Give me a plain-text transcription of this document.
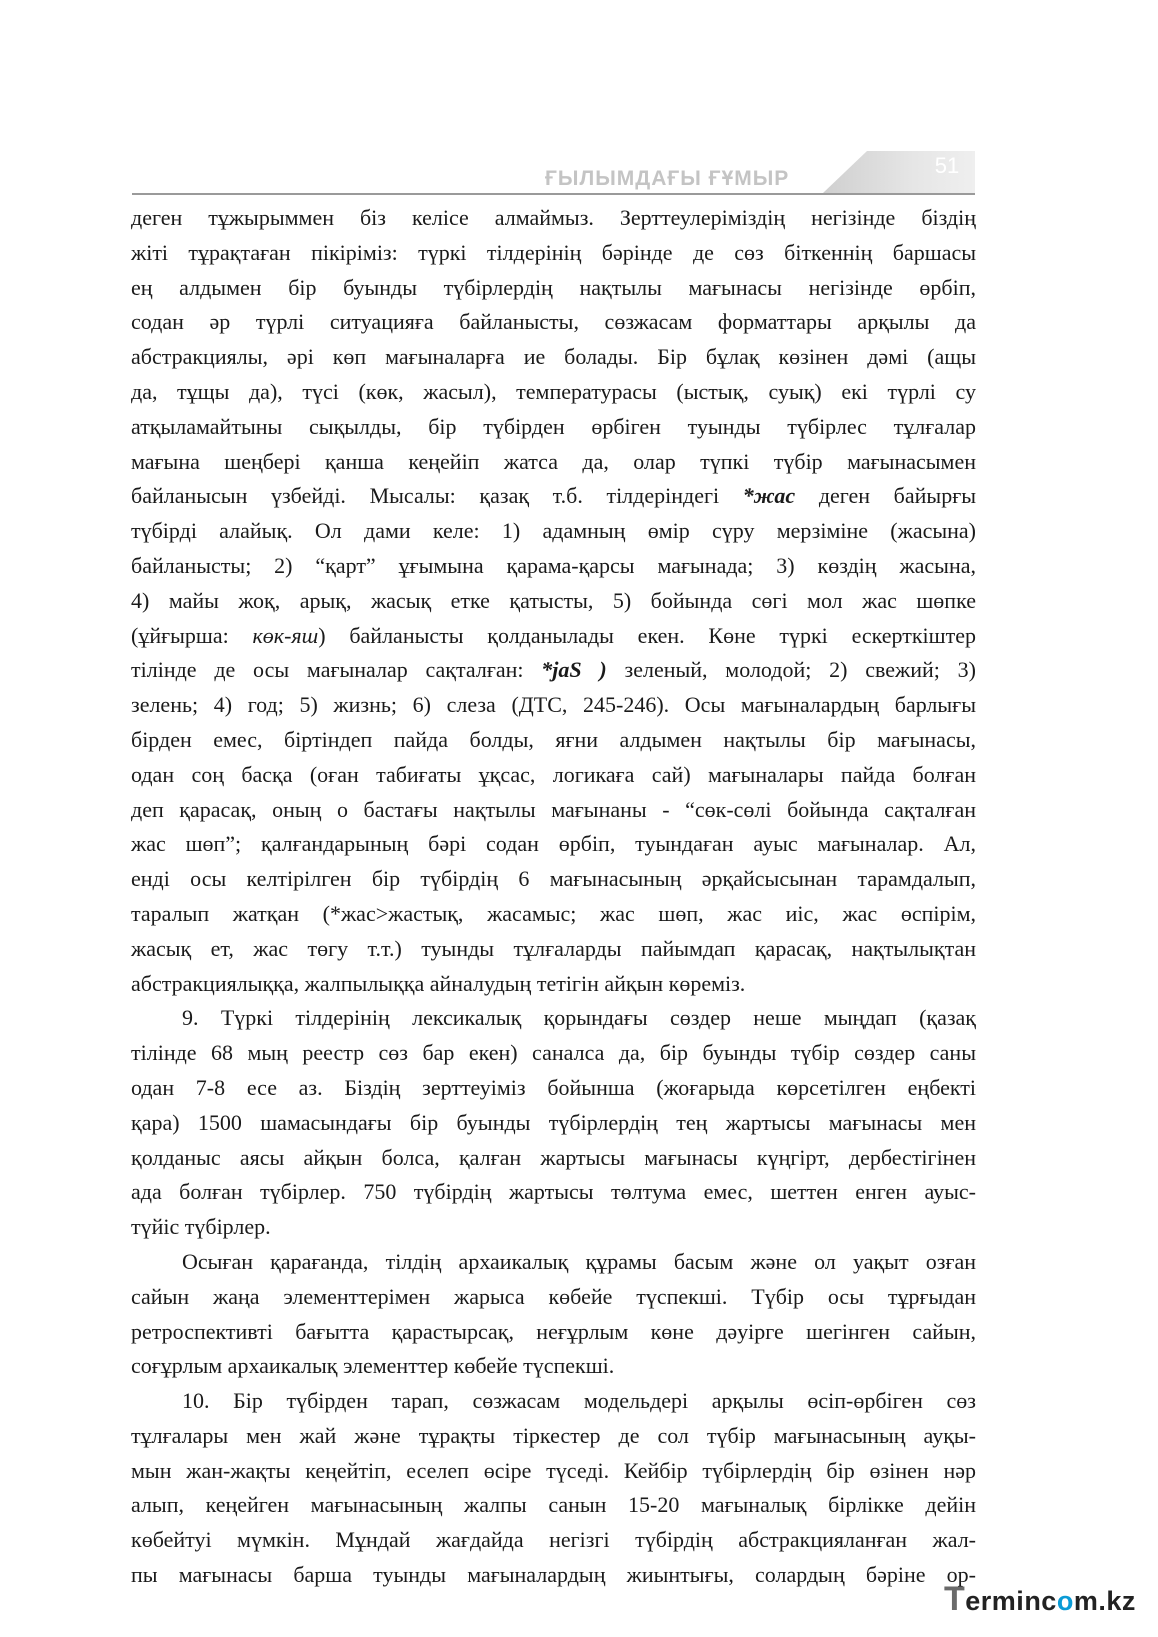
ҒЫЛЫМДАҒЫ ҒҰМЫР
51

деген тұжырыммен біз келісе алмаймыз. Зерттеулеріміздің негізінде біздің

жіті тұрақтаған пікіріміз: түркі тілдерінің бәрінде де сөз біткеннің баршасы

ең алдымен бір буынды түбірлердің нақтылы мағынасы негізінде өрбіп,

содан әр түрлі ситуацияға байланысты, сөзжасам форматтары арқылы да

абстракциялы, әрі көп мағыналарға ие болады. Бір бұлақ көзінен дәмі (ащы

да, тұщы да), түсі (көк, жасыл), температурасы (ыстық, суық) екі түрлі су

атқыламайтыны сықылды, бір түбірден өрбіген туынды түбірлес тұлғалар

мағына шеңбері қанша кеңейіп жатса да, олар түпкі түбір мағынасымен

байланысын үзбейді. Мысалы: қазақ т.б. тілдеріндегі *жас деген байырғы

түбірді алайық. Ол дами келе: 1) адамның өмір сүру мерзіміне (жасына)

байланысты; 2) “қарт” ұғымына қарама-қарсы мағынада; 3) көздің жасына,

4) майы жоқ, арық, жасық етке қатысты, 5) бойында сөгі мол жас шөпке

(ұйғырша: көк-яш) байланысты қолданылады екен. Көне түркі ескерткіштер

тілінде де осы мағыналар сақталған: *jaS ) зеленый, молодой; 2) свежий; 3)

зелень; 4) год; 5) жизнь; 6) слеза (ДТС, 245-246). Осы мағыналардың барлығы

бірден емес, біртіндеп пайда болды, яғни алдымен нақтылы бір мағынасы,

одан соң басқа (оған табиғаты ұқсас, логикаға сай) мағыналары пайда болған

деп қарасақ, оның о бастағы нақтылы мағынаны - “сөк-сөлі бойында сақталған

жас шөп”; қалғандарының бәрі содан өрбіп, туындаған ауыс мағыналар. Ал,

енді осы келтірілген бір түбірдің 6 мағынасының әрқайсысынан тарамдалып,

таралып жатқан (*жас>жастық, жасамыс; жас шөп, жас иіс, жас өспірім,

жасық ет, жас төгу т.т.) туынды тұлғаларды пайымдап қарасақ, нақтылықтан

абстракциялыққа, жалпылыққа айналудың тетігін айқын көреміз.

9. Түркі тілдерінің лексикалық қорындағы сөздер неше мыңдап (қазақ

тілінде 68 мың реестр сөз бар екен) саналса да, бір буынды түбір сөздер саны

одан 7-8 есе аз. Біздің зерттеуіміз бойынша (жоғарыда көрсетілген еңбекті

қара) 1500 шамасындағы бір буынды түбірлердің тең жартысы мағынасы мен

қолданыс аясы айқын болса, қалған жартысы мағынасы күңгірт, дербестігінен

ада болған түбірлер. 750 түбірдің жартысы төлтума емес, шеттен енген ауыс-

түйіс түбірлер.

Осыған қарағанда, тілдің архаикалық құрамы басым және ол уақыт озған

сайын жаңа элементтерімен жарыса көбейе түспекші. Түбір осы тұрғыдан

ретроспективті бағытта қарастырсақ, неғұрлым көне дәуірге шегінген сайын,

соғұрлым архаикалық элементтер көбейе түспекші.

10. Бір түбірден тарап, сөзжасам модельдері арқылы өсіп-өрбіген сөз

тұлғалары мен жай және тұрақты тіркестер де сол түбір мағынасының ауқы-

мын жан-жақты кеңейтіп, еселеп өсіре түседі. Кейбір түбірлердің бір өзінен нәр

алып, кеңейген мағынасының жалпы санын 15-20 мағыналық бірлікке дейін

көбейтуі мүмкін. Мұндай жағдайда негізгі түбірдің абстракцияланған жал-

пы мағынасы барша туынды мағыналардың жиынтығы, солардың бәріне ор-

Termincom.kz
